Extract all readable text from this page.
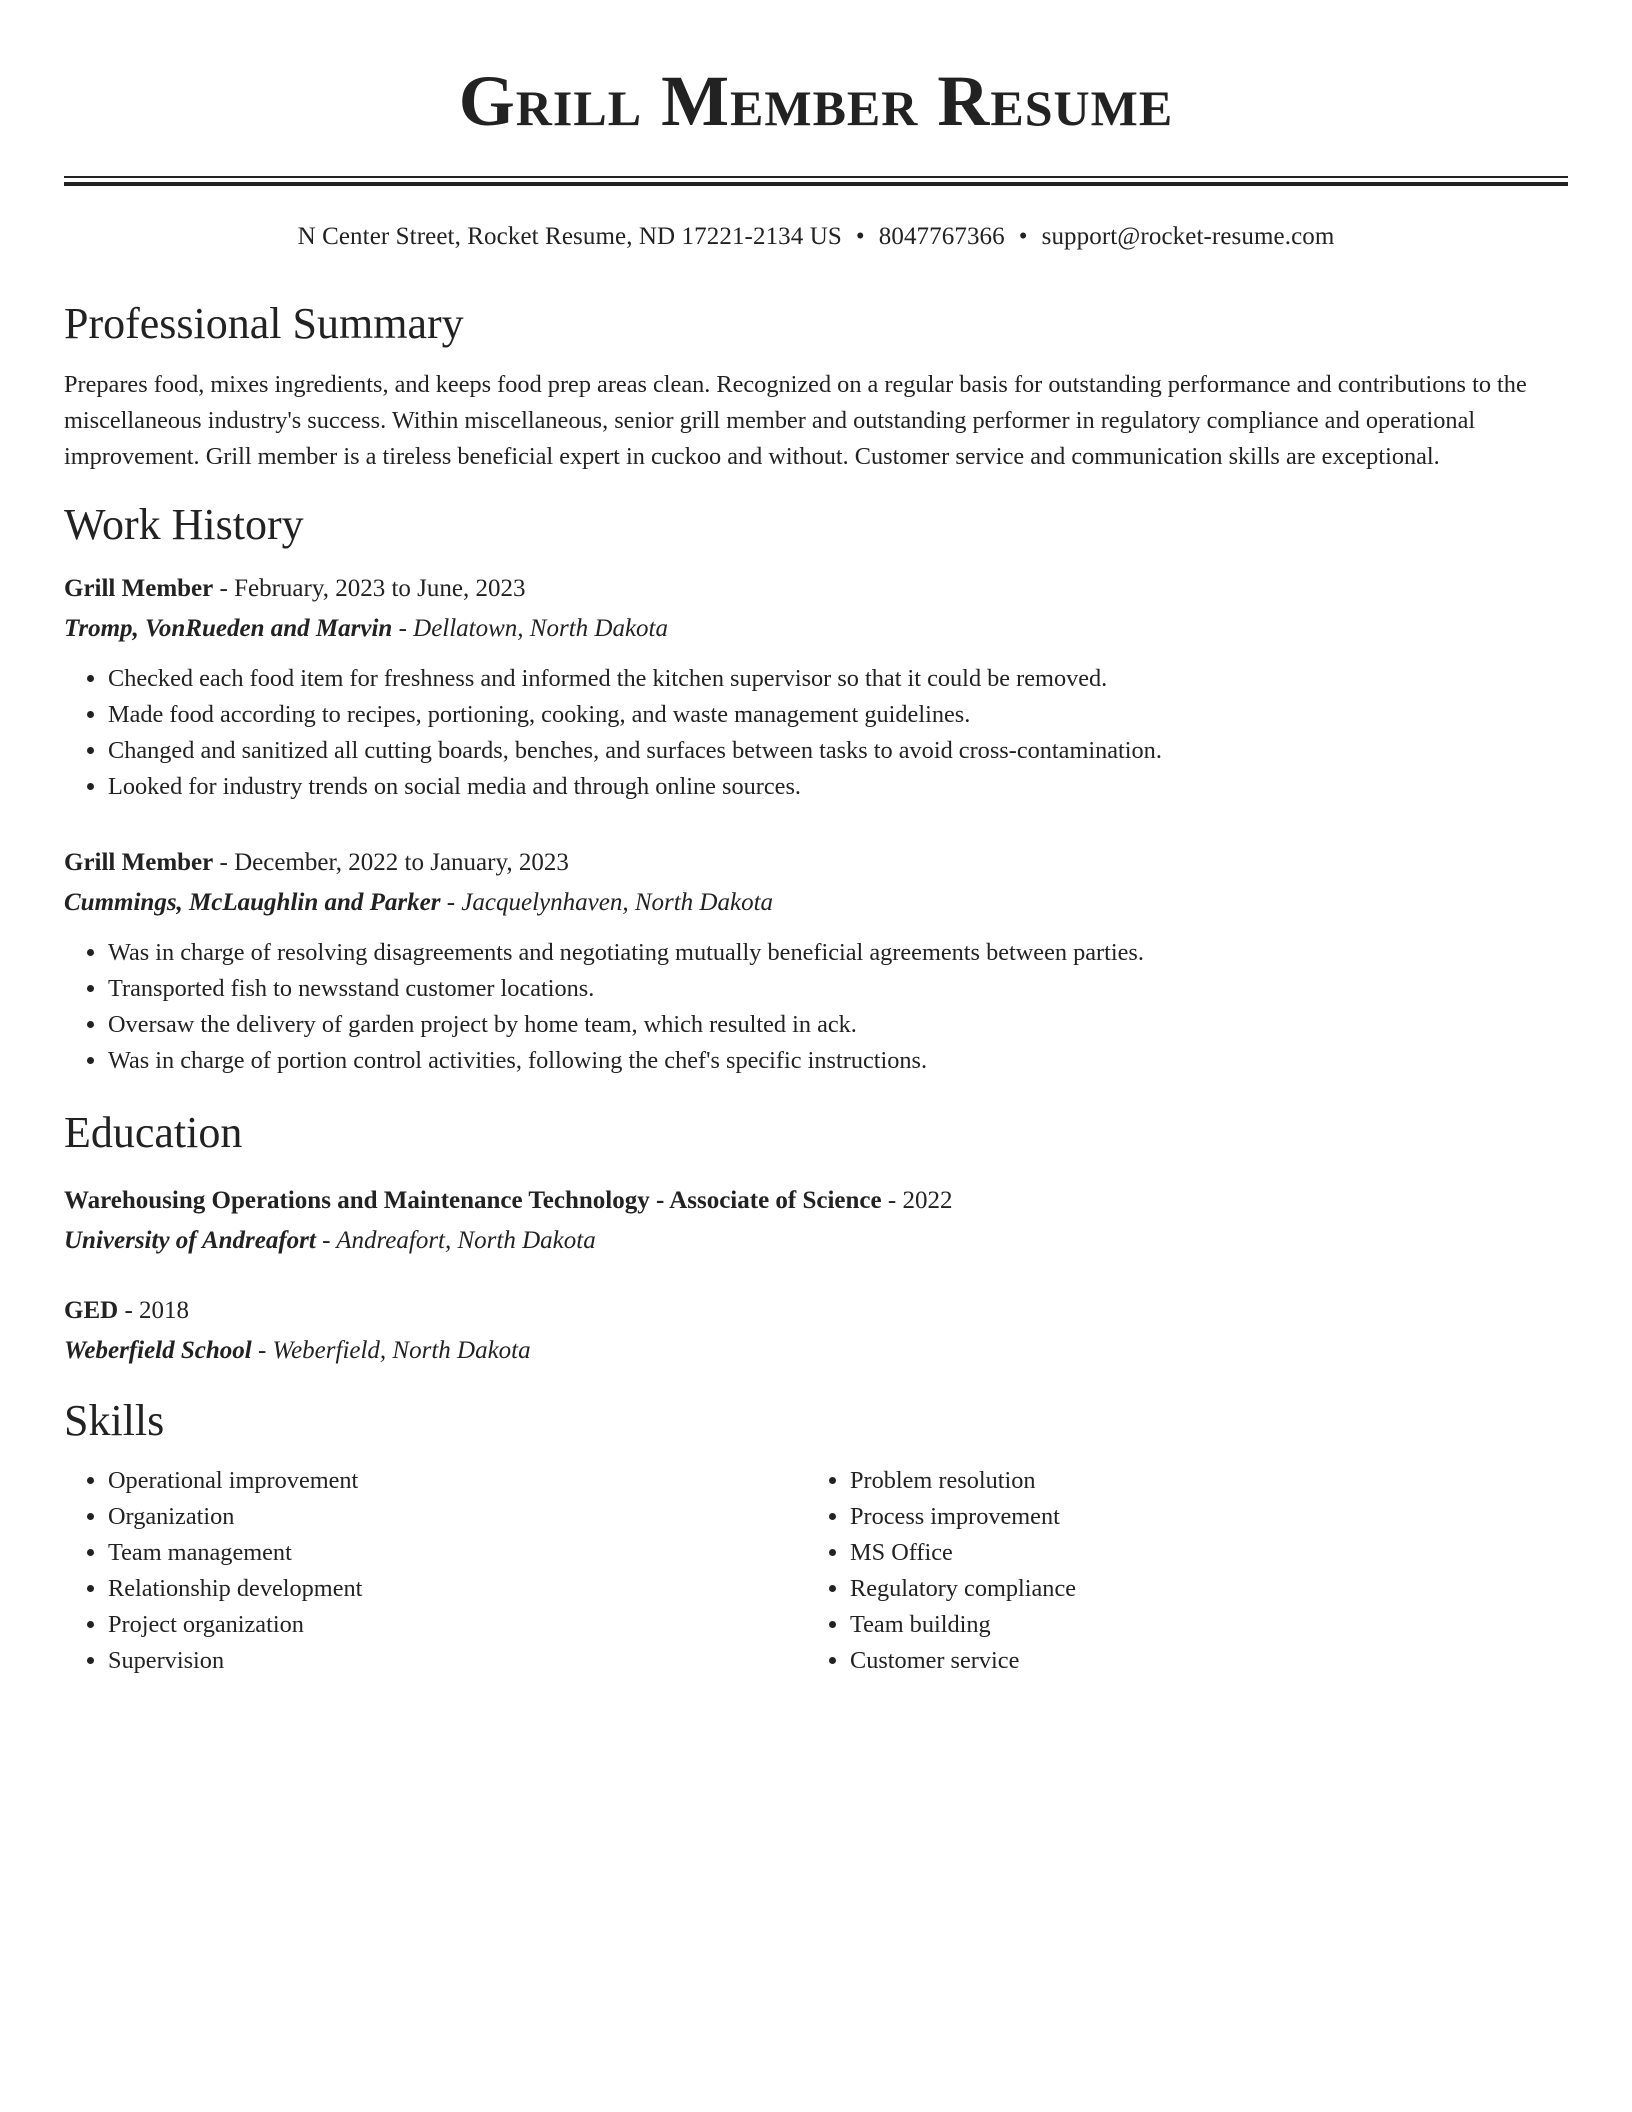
Grill Member Resume
N Center Street, Rocket Resume, ND 17221-2134 US • 8047767366 • support@rocket-resume.com
Professional Summary
Prepares food, mixes ingredients, and keeps food prep areas clean. Recognized on a regular basis for outstanding performance and contributions to the miscellaneous industry's success. Within miscellaneous, senior grill member and outstanding performer in regulatory compliance and operational improvement. Grill member is a tireless beneficial expert in cuckoo and without. Customer service and communication skills are exceptional.
Work History
Grill Member - February, 2023 to June, 2023
Tromp, VonRueden and Marvin - Dellatown, North Dakota
• Checked each food item for freshness and informed the kitchen supervisor so that it could be removed.
• Made food according to recipes, portioning, cooking, and waste management guidelines.
• Changed and sanitized all cutting boards, benches, and surfaces between tasks to avoid cross-contamination.
• Looked for industry trends on social media and through online sources.
Grill Member - December, 2022 to January, 2023
Cummings, McLaughlin and Parker - Jacquelynhaven, North Dakota
• Was in charge of resolving disagreements and negotiating mutually beneficial agreements between parties.
• Transported fish to newsstand customer locations.
• Oversaw the delivery of garden project by home team, which resulted in ack.
• Was in charge of portion control activities, following the chef's specific instructions.
Education
Warehousing Operations and Maintenance Technology - Associate of Science - 2022
University of Andreafort - Andreafort, North Dakota
GED - 2018
Weberfield School - Weberfield, North Dakota
Skills
• Operational improvement
• Organization
• Team management
• Relationship development
• Project organization
• Supervision
• Problem resolution
• Process improvement
• MS Office
• Regulatory compliance
• Team building
• Customer service
